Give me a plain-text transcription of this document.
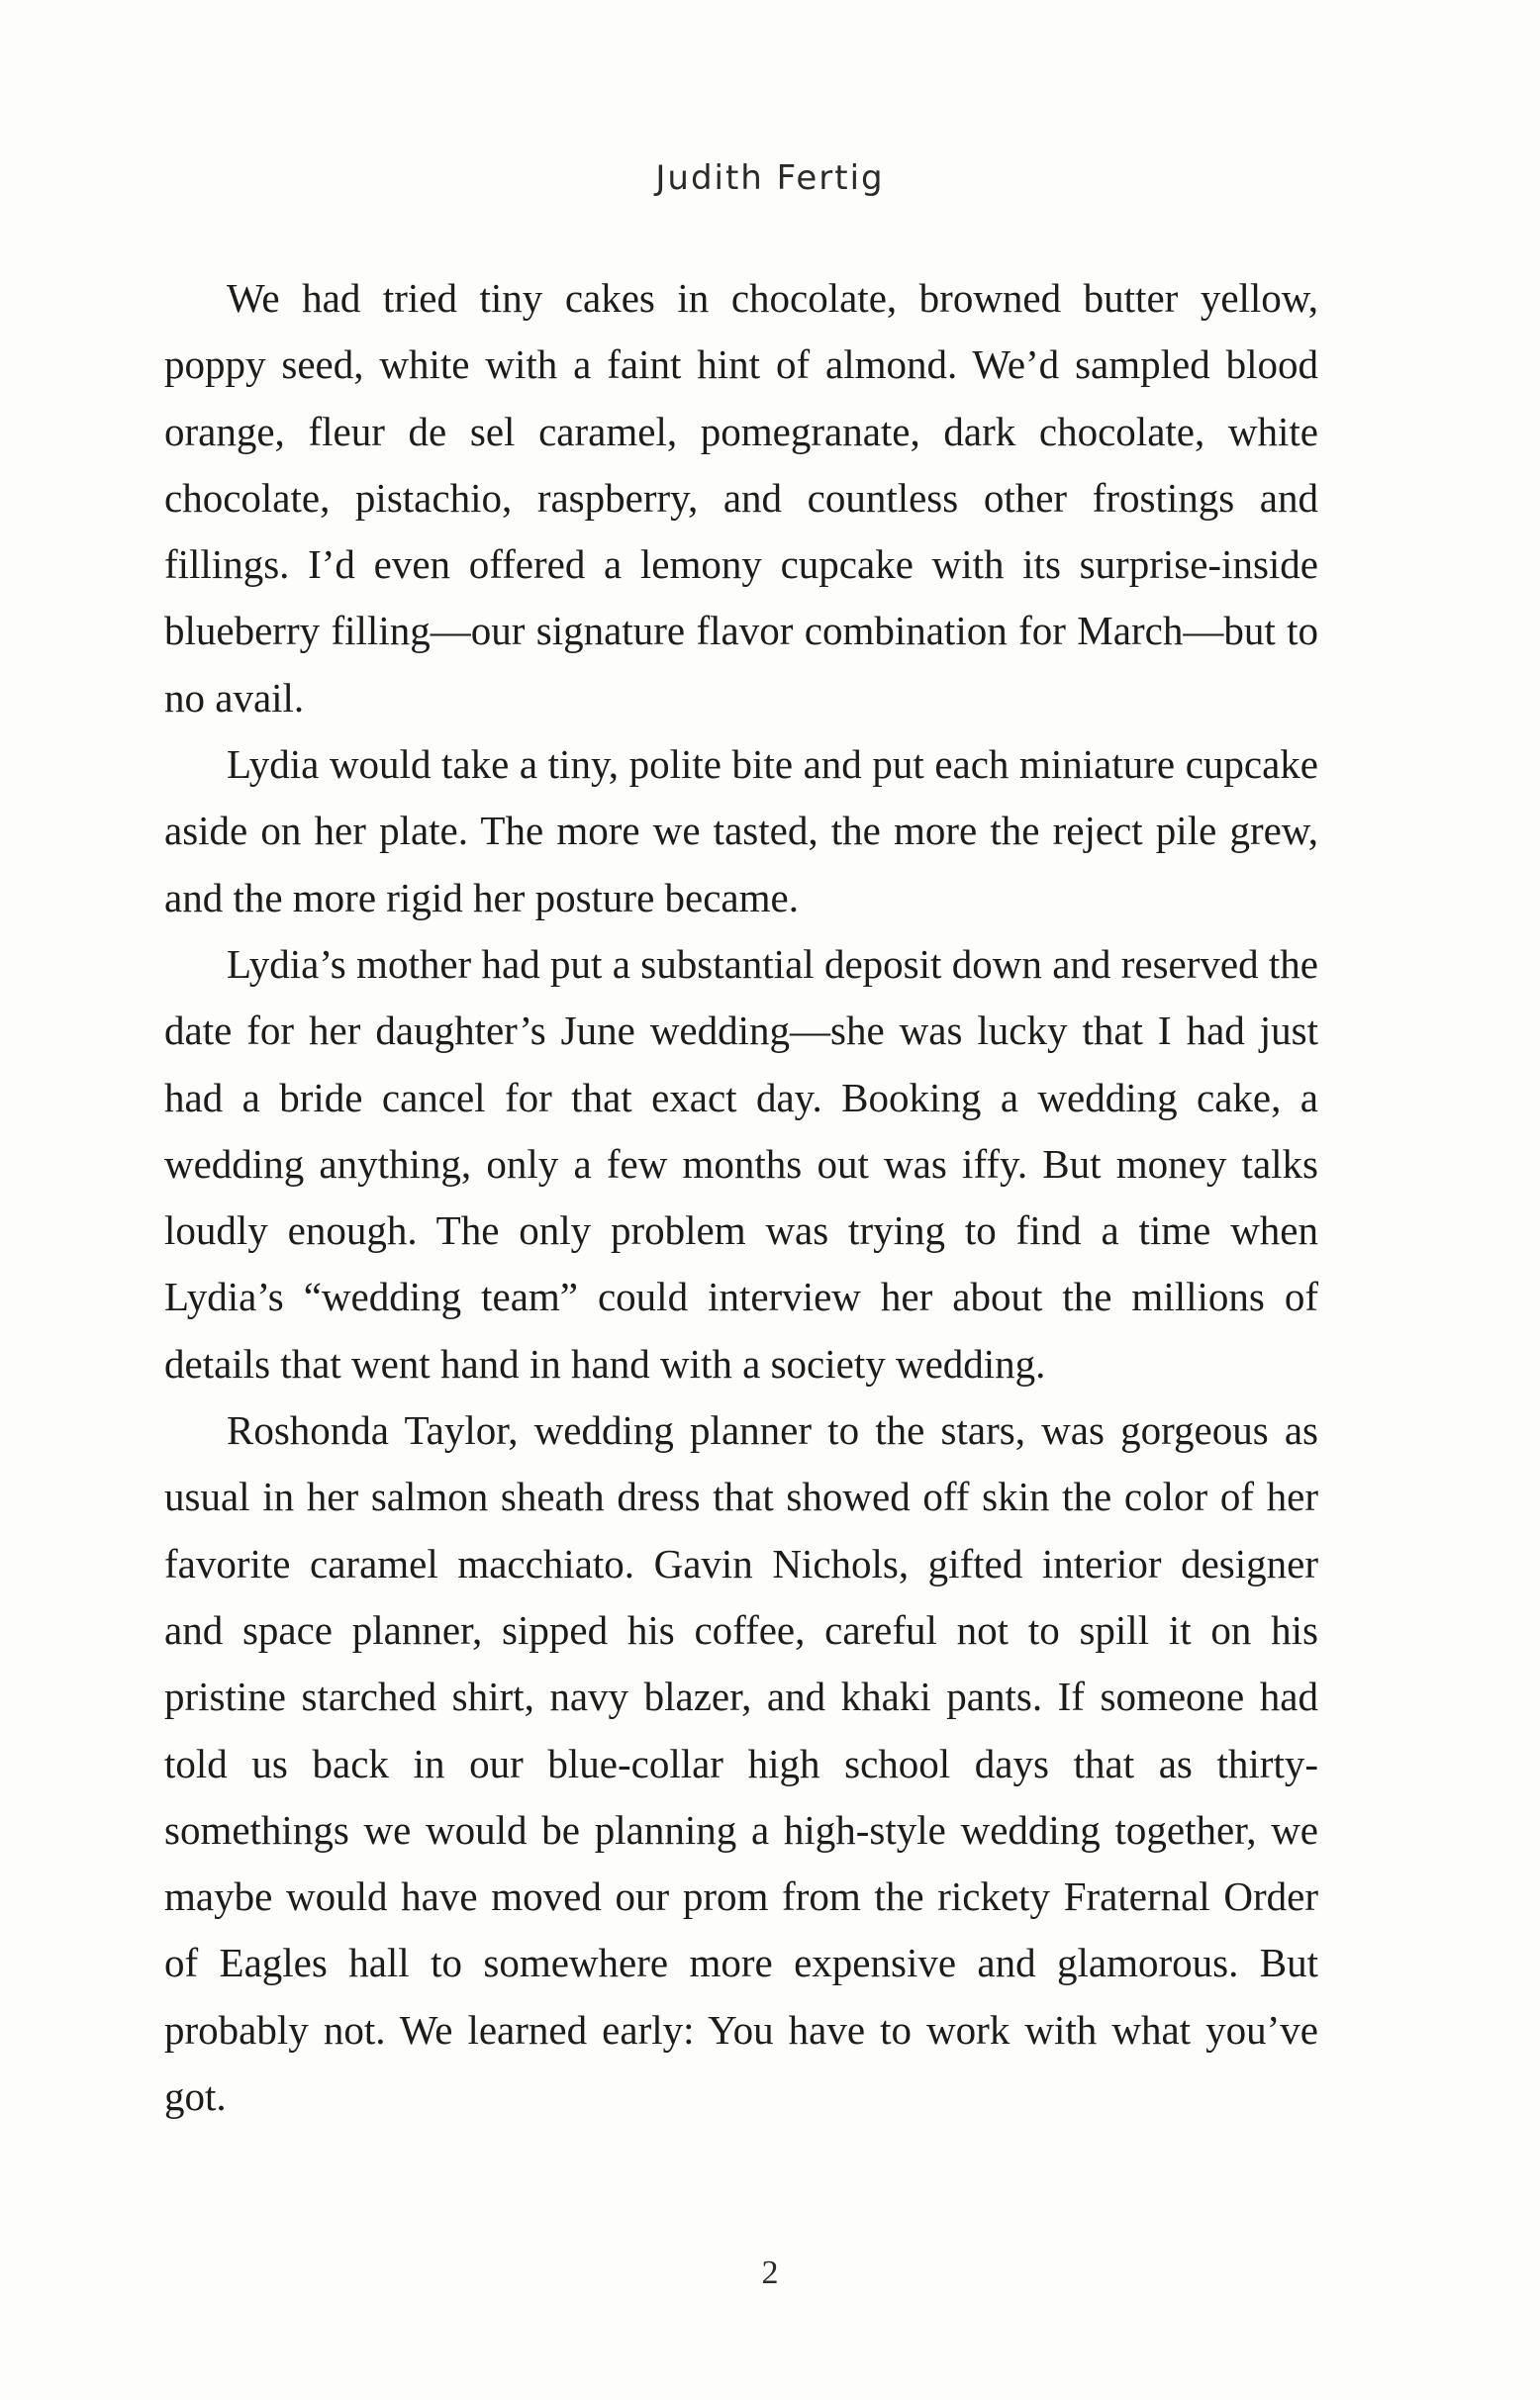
Judith Fertig

We had tried tiny cakes in chocolate, browned butter yellow, poppy seed, white with a faint hint of almond. We’d sampled blood orange, fleur de sel caramel, pomegranate, dark chocolate, white chocolate, pistachio, raspberry, and countless other frostings and fillings. I’d even offered a lemony cupcake with its surprise-inside blueberry filling—our signature flavor combination for March—but to no avail.

Lydia would take a tiny, polite bite and put each miniature cupcake aside on her plate. The more we tasted, the more the reject pile grew, and the more rigid her posture became.

Lydia’s mother had put a substantial deposit down and reserved the date for her daughter’s June wedding—she was lucky that I had just had a bride cancel for that exact day. Booking a wedding cake, a wedding anything, only a few months out was iffy. But money talks loudly enough. The only problem was trying to find a time when Lydia’s “wedding team” could interview her about the millions of details that went hand in hand with a society wedding.

Roshonda Taylor, wedding planner to the stars, was gorgeous as usual in her salmon sheath dress that showed off skin the color of her favorite caramel macchiato. Gavin Nichols, gifted interior designer and space planner, sipped his coffee, careful not to spill it on his pristine starched shirt, navy blazer, and khaki pants. If someone had told us back in our blue-collar high school days that as thirty-somethings we would be planning a high-style wedding together, we maybe would have moved our prom from the rickety Fraternal Order of Eagles hall to somewhere more expensive and glamorous. But probably not. We learned early: You have to work with what you’ve got.

2
